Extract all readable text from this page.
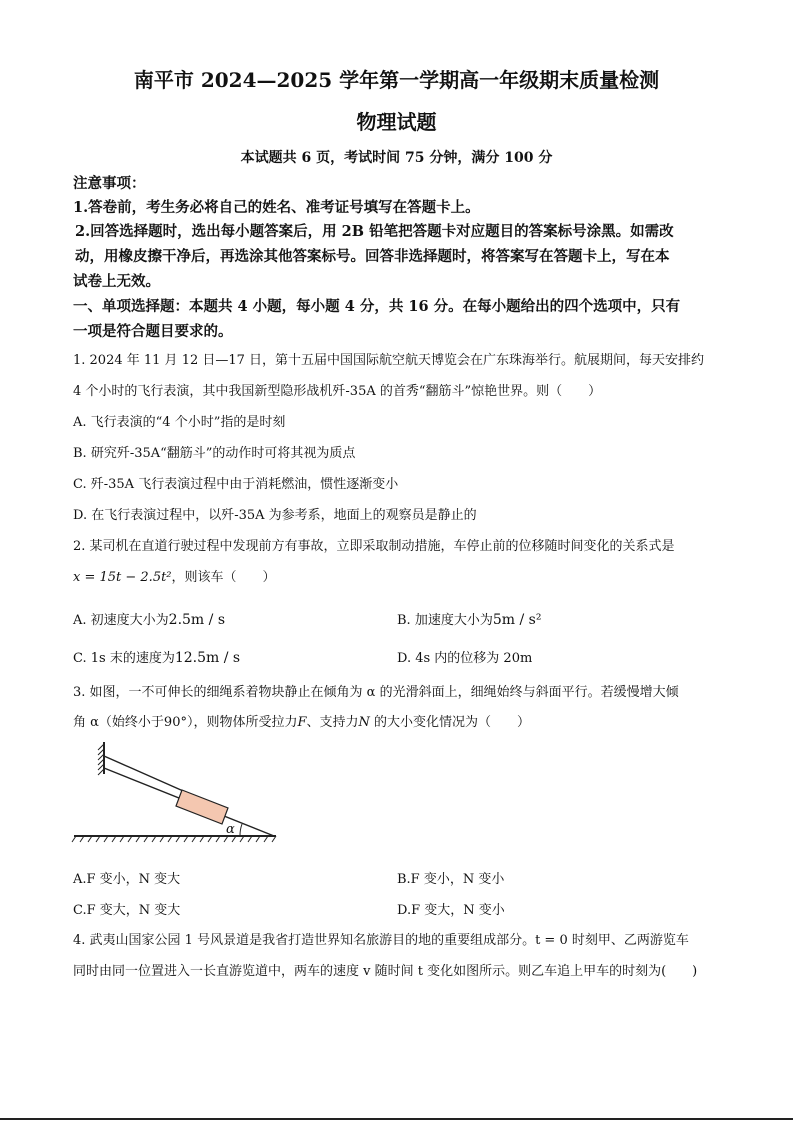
南平市 2024—2025 学年第一学期高一年级期末质量检测
物理试题
本试题共 6 页，考试时间 75 分钟，满分 100 分
注意事项：
1.答卷前，考生务必将自己的姓名、准考证号填写在答题卡上。
2.回答选择题时，选出每小题答案后，用 2B 铅笔把答题卡对应题目的答案标号涂黑。如需改
动，用橡皮擦干净后，再选涂其他答案标号。回答非选择题时，将答案写在答题卡上，写在本
试卷上无效。
一、单项选择题：本题共 4 小题，每小题 4 分，共 16 分。在每小题给出的四个选项中，只有
一项是符合题目要求的。
1. 2024 年 11 月 12 日—17 日，第十五届中国国际航空航天博览会在广东珠海举行。航展期间，每天安排约
4 个小时的飞行表演，其中我国新型隐形战机歼-35A 的首秀“翻筋斗”惊艳世界。则（　　）
A. 飞行表演的“4 个小时”指的是时刻
B. 研究歼-35A“翻筋斗”的动作时可将其视为质点
C. 歼-35A 飞行表演过程中由于消耗燃油，惯性逐渐变小
D. 在飞行表演过程中，以歼-35A 为参考系，地面上的观察员是静止的
2. 某司机在直道行驶过程中发现前方有事故，立即采取制动措施，车停止前的位移随时间变化的关系式是
x = 15t − 2.5t²，则该车（　　）
A. 初速度大小为2.5m / s	B. 加速度大小为5m / s²
C. 1s 末的速度为12.5m / s	D. 4s 内的位移为 20m
3. 如图，一不可伸长的细绳系着物块静止在倾角为 α 的光滑斜面上，细绳始终与斜面平行。若缓慢增大倾
角 α（始终小于90°），则物体所受拉力F、支持力N 的大小变化情况为（　　）
α
A.F 变小，N 变大	B.F 变小，N 变小
C.F 变大，N 变大	D.F 变大，N 变小
4. 武夷山国家公园 1 号风景道是我省打造世界知名旅游目的地的重要组成部分。t = 0 时刻甲、乙两游览车
同时由同一位置进入一长直游览道中，两车的速度 v 随时间 t 变化如图所示。则乙车追上甲车的时刻为(　　)
